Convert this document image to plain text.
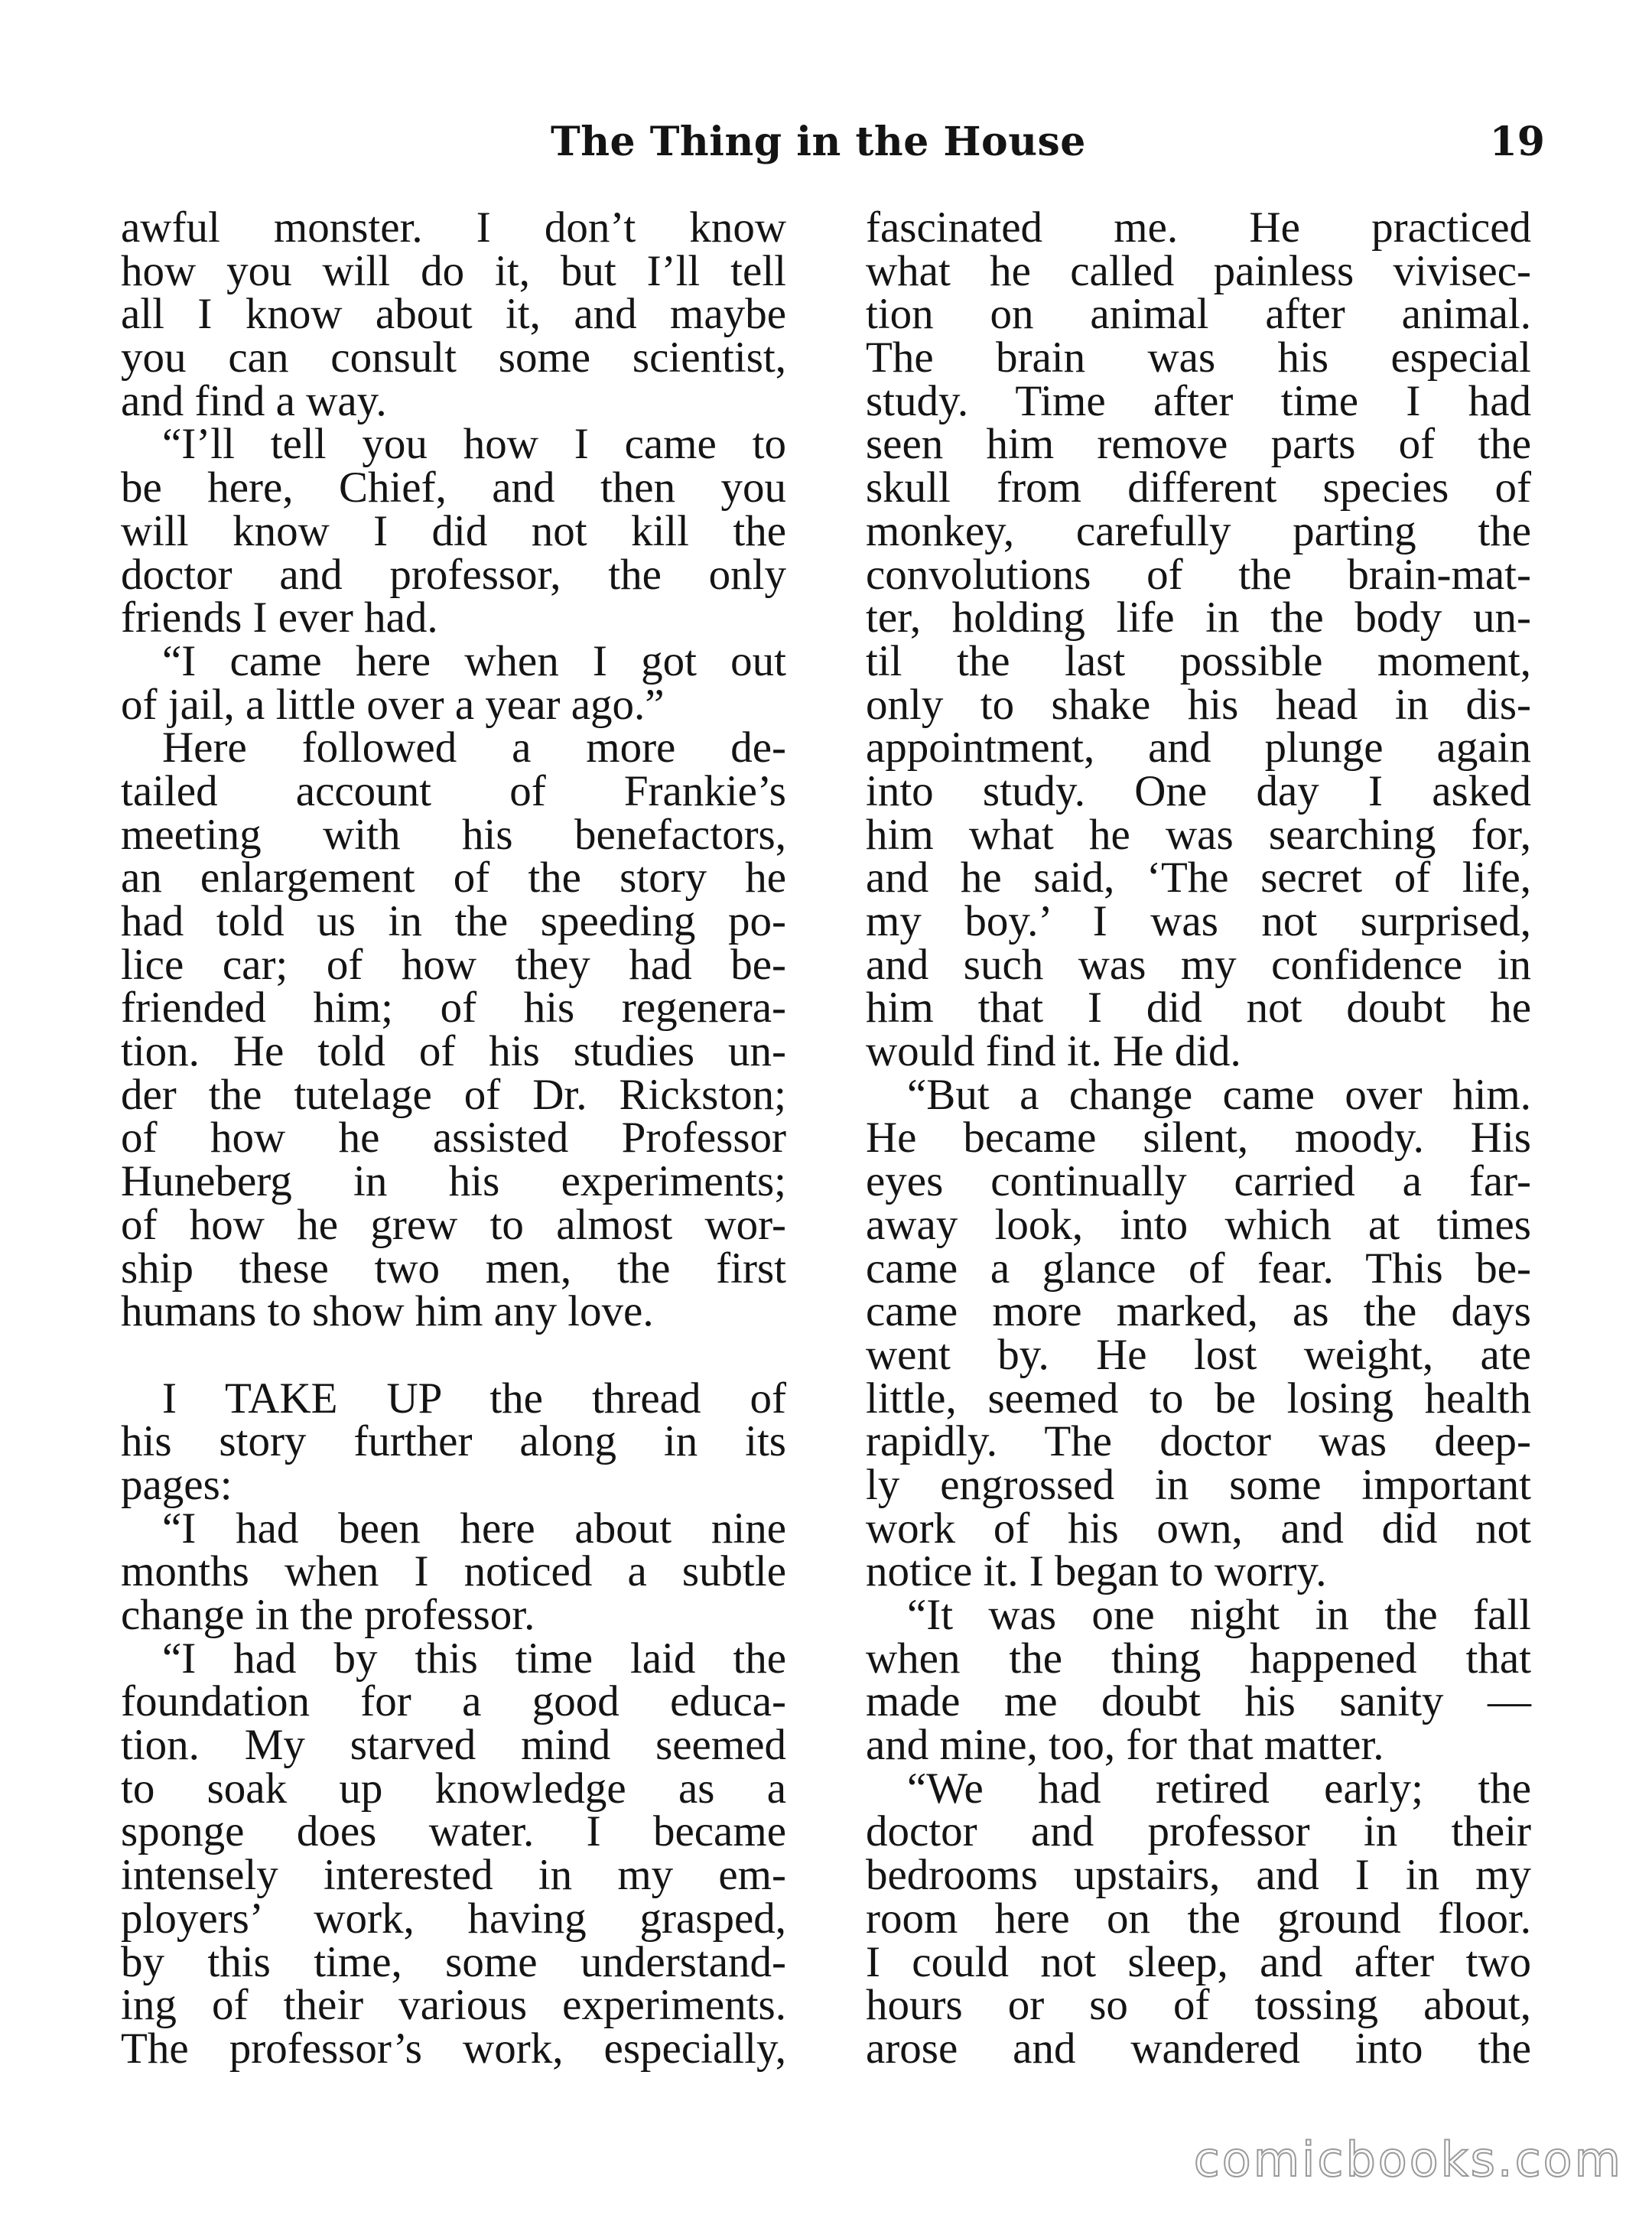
The Thing in the House	19
awful monster. I don’t know
how you will do it, but I’ll tell
all I know about it, and maybe
you can consult some scientist,
and find a way.
“I’ll tell you how I came to
be here, Chief, and then you
will know I did not kill the
doctor and professor, the only
friends I ever had.
“I came here when I got out
of jail, a little over a year ago.”
Here followed a more de-
tailed account of Frankie’s
meeting with his benefactors,
an enlargement of the story he
had told us in the speeding po-
lice car; of how they had be-
friended him; of his regenera-
tion. He told of his studies un-
der the tutelage of Dr. Rickston;
of how he assisted Professor
Huneberg in his experiments;
of how he grew to almost wor-
ship these two men, the first
humans to show him any love.
I TAKE UP the thread of
his story further along in its
pages:
“I had been here about nine
months when I noticed a subtle
change in the professor.
“I had by this time laid the
foundation for a good educa-
tion. My starved mind seemed
to soak up knowledge as a
sponge does water. I became
intensely interested in my em-
ployers’ work, having grasped,
by this time, some understand-
ing of their various experiments.
The professor’s work, especially,
fascinated me. He practiced
what he called painless vivisec-
tion on animal after animal.
The brain was his especial
study. Time after time I had
seen him remove parts of the
skull from different species of
monkey, carefully parting the
convolutions of the brain-mat-
ter, holding life in the body un-
til the last possible moment,
only to shake his head in dis-
appointment, and plunge again
into study. One day I asked
him what he was searching for,
and he said, ‘The secret of life,
my boy.’ I was not surprised,
and such was my confidence in
him that I did not doubt he
would find it. He did.
“But a change came over him.
He became silent, moody. His
eyes continually carried a far-
away look, into which at times
came a glance of fear. This be-
came more marked, as the days
went by. He lost weight, ate
little, seemed to be losing health
rapidly. The doctor was deep-
ly engrossed in some important
work of his own, and did not
notice it. I began to worry.
“It was one night in the fall
when the thing happened that
made me doubt his sanity —
and mine, too, for that matter.
“We had retired early; the
doctor and professor in their
bedrooms upstairs, and I in my
room here on the ground floor.
I could not sleep, and after two
hours or so of tossing about,
arose and wandered into the
comicbooks.com
